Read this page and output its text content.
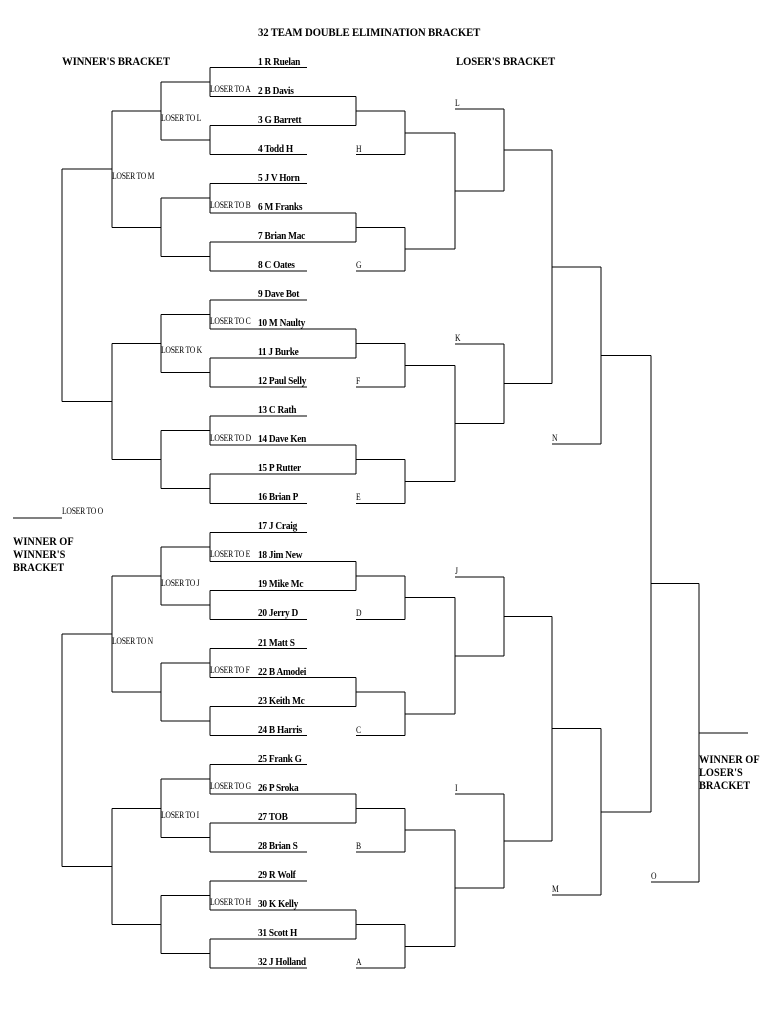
32 TEAM DOUBLE ELIMINATION BRACKET
WINNER'S BRACKET	LOSER'S BRACKET
1 R Ruelan
2 B Davis
3 G Barrett
4 Todd H
5 J V Horn
6 M Franks
7 Brian Mac
8 C Oates
9 Dave Bot
10 M Naulty
11 J Burke
12 Paul Selly
13 C Rath
14 Dave Ken
15 P Rutter
16 Brian P
17 J Craig
18 Jim New
19 Mike Mc
20 Jerry D
21 Matt S
22 B Amodei
23 Keith Mc
24 B Harris
25 Frank G
26 P Sroka
27 TOB
28 Brian S
29 R Wolf
30 K Kelly
31 Scott H
32 J Holland
LOSER TO A
LOSER TO B
LOSER TO C
LOSER TO D
LOSER TO E
LOSER TO F
LOSER TO G
LOSER TO H
LOSER TO L
LOSER TO K
LOSER TO J
LOSER TO I
LOSER TO M
LOSER TO N
LOSER TO O
H
G
F
E
D
C
B
A
L
K
J
I
N
M
O
WINNER OF WINNER'S BRACKET
WINNER OF LOSER'S BRACKET
